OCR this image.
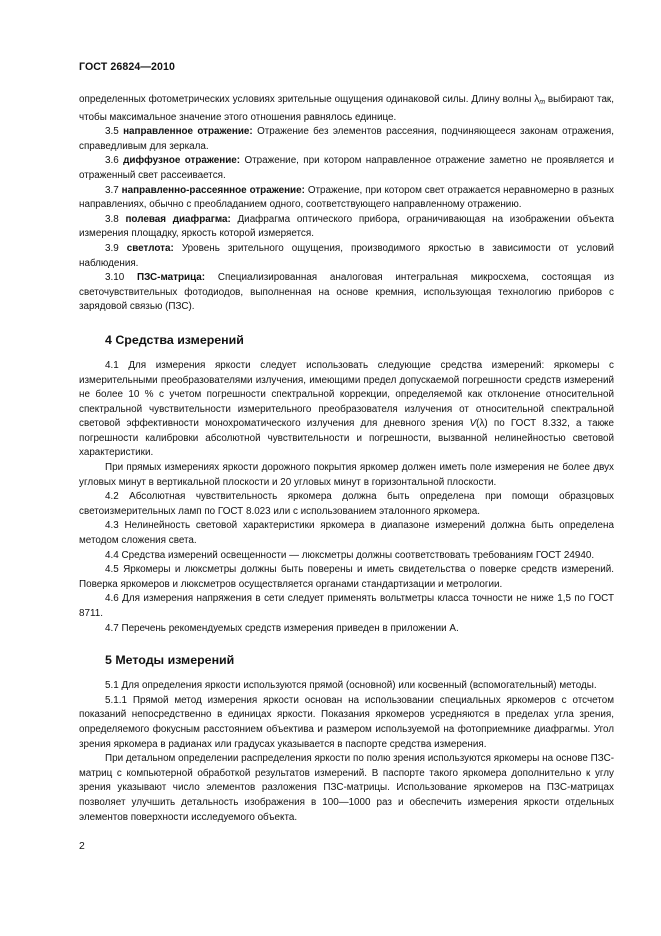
ГОСТ 26824—2010

определенных фотометрических условиях зрительные ощущения одинаковой силы. Длину волны $\lambda_m$ выбирают так, чтобы максимальное значение этого отношения равнялось единице.

3.5 направленное отражение: Отражение без элементов рассеяния, подчиняющееся законам отражения, справедливым для зеркала.

3.6 диффузное отражение: Отражение, при котором направленное отражение заметно не проявляется и отраженный свет рассеивается.

3.7 направленно-рассеянное отражение: Отражение, при котором свет отражается неравномерно в разных направлениях, обычно с преобладанием одного, соответствующего направленному отражению.

3.8 полевая диафрагма: Диафрагма оптического прибора, ограничивающая на изображении объекта измерения площадку, яркость которой измеряется.

3.9 светлота: Уровень зрительного ощущения, производимого яркостью в зависимости от условий наблюдения.

3.10 ПЗС-матрица: Специализированная аналоговая интегральная микросхема, состоящая из светочувствительных фотодиодов, выполненная на основе кремния, использующая технологию приборов с зарядовой связью (ПЗС).

4 Средства измерений

4.1 Для измерения яркости следует использовать следующие средства измерений: яркомеры с измерительными преобразователями излучения, имеющими предел допускаемой погрешности средств измерений не более 10 % с учетом погрешности спектральной коррекции, определяемой как отклонение относительной спектральной чувствительности измерительного преобразователя излучения от относительной спектральной световой эффективности монохроматического излучения для дневного зрения V(λ) по ГОСТ 8.332, а также погрешности калибровки абсолютной чувствительности и погрешности, вызванной нелинейностью световой характеристики.

При прямых измерениях яркости дорожного покрытия яркомер должен иметь поле измерения не более двух угловых минут в вертикальной плоскости и 20 угловых минут в горизонтальной плоскости.

4.2 Абсолютная чувствительность яркомера должна быть определена при помощи образцовых светоизмерительных ламп по ГОСТ 8.023 или с использованием эталонного яркомера.

4.3 Нелинейность световой характеристики яркомера в диапазоне измерений должна быть определена методом сложения света.

4.4 Средства измерений освещенности — люксметры должны соответствовать требованиям ГОСТ 24940.

4.5 Яркомеры и люксметры должны быть поверены и иметь свидетельства о поверке средств измерений. Поверка яркомеров и люксметров осуществляется органами стандартизации и метрологии.

4.6 Для измерения напряжения в сети следует применять вольтметры класса точности не ниже 1,5 по ГОСТ 8711.

4.7 Перечень рекомендуемых средств измерения приведен в приложении А.

5 Методы измерений

5.1 Для определения яркости используются прямой (основной) или косвенный (вспомогательный) методы.

5.1.1 Прямой метод измерения яркости основан на использовании специальных яркомеров с отсчетом показаний непосредственно в единицах яркости. Показания яркомеров усредняются в пределах угла зрения, определяемого фокусным расстоянием объектива и размером используемой на фотоприемнике диафрагмы. Угол зрения яркомера в радианах или градусах указывается в паспорте средства измерения.

При детальном определении распределения яркости по полю зрения используются яркомеры на основе ПЗС-матриц с компьютерной обработкой результатов измерений. В паспорте такого яркомера дополнительно к углу зрения указывают число элементов разложения ПЗС-матрицы. Использование яркомеров на ПЗС-матрицах позволяет улучшить детальность изображения в 100—1000 раз и обеспечить измерения яркости отдельных элементов поверхности исследуемого объекта.

2
